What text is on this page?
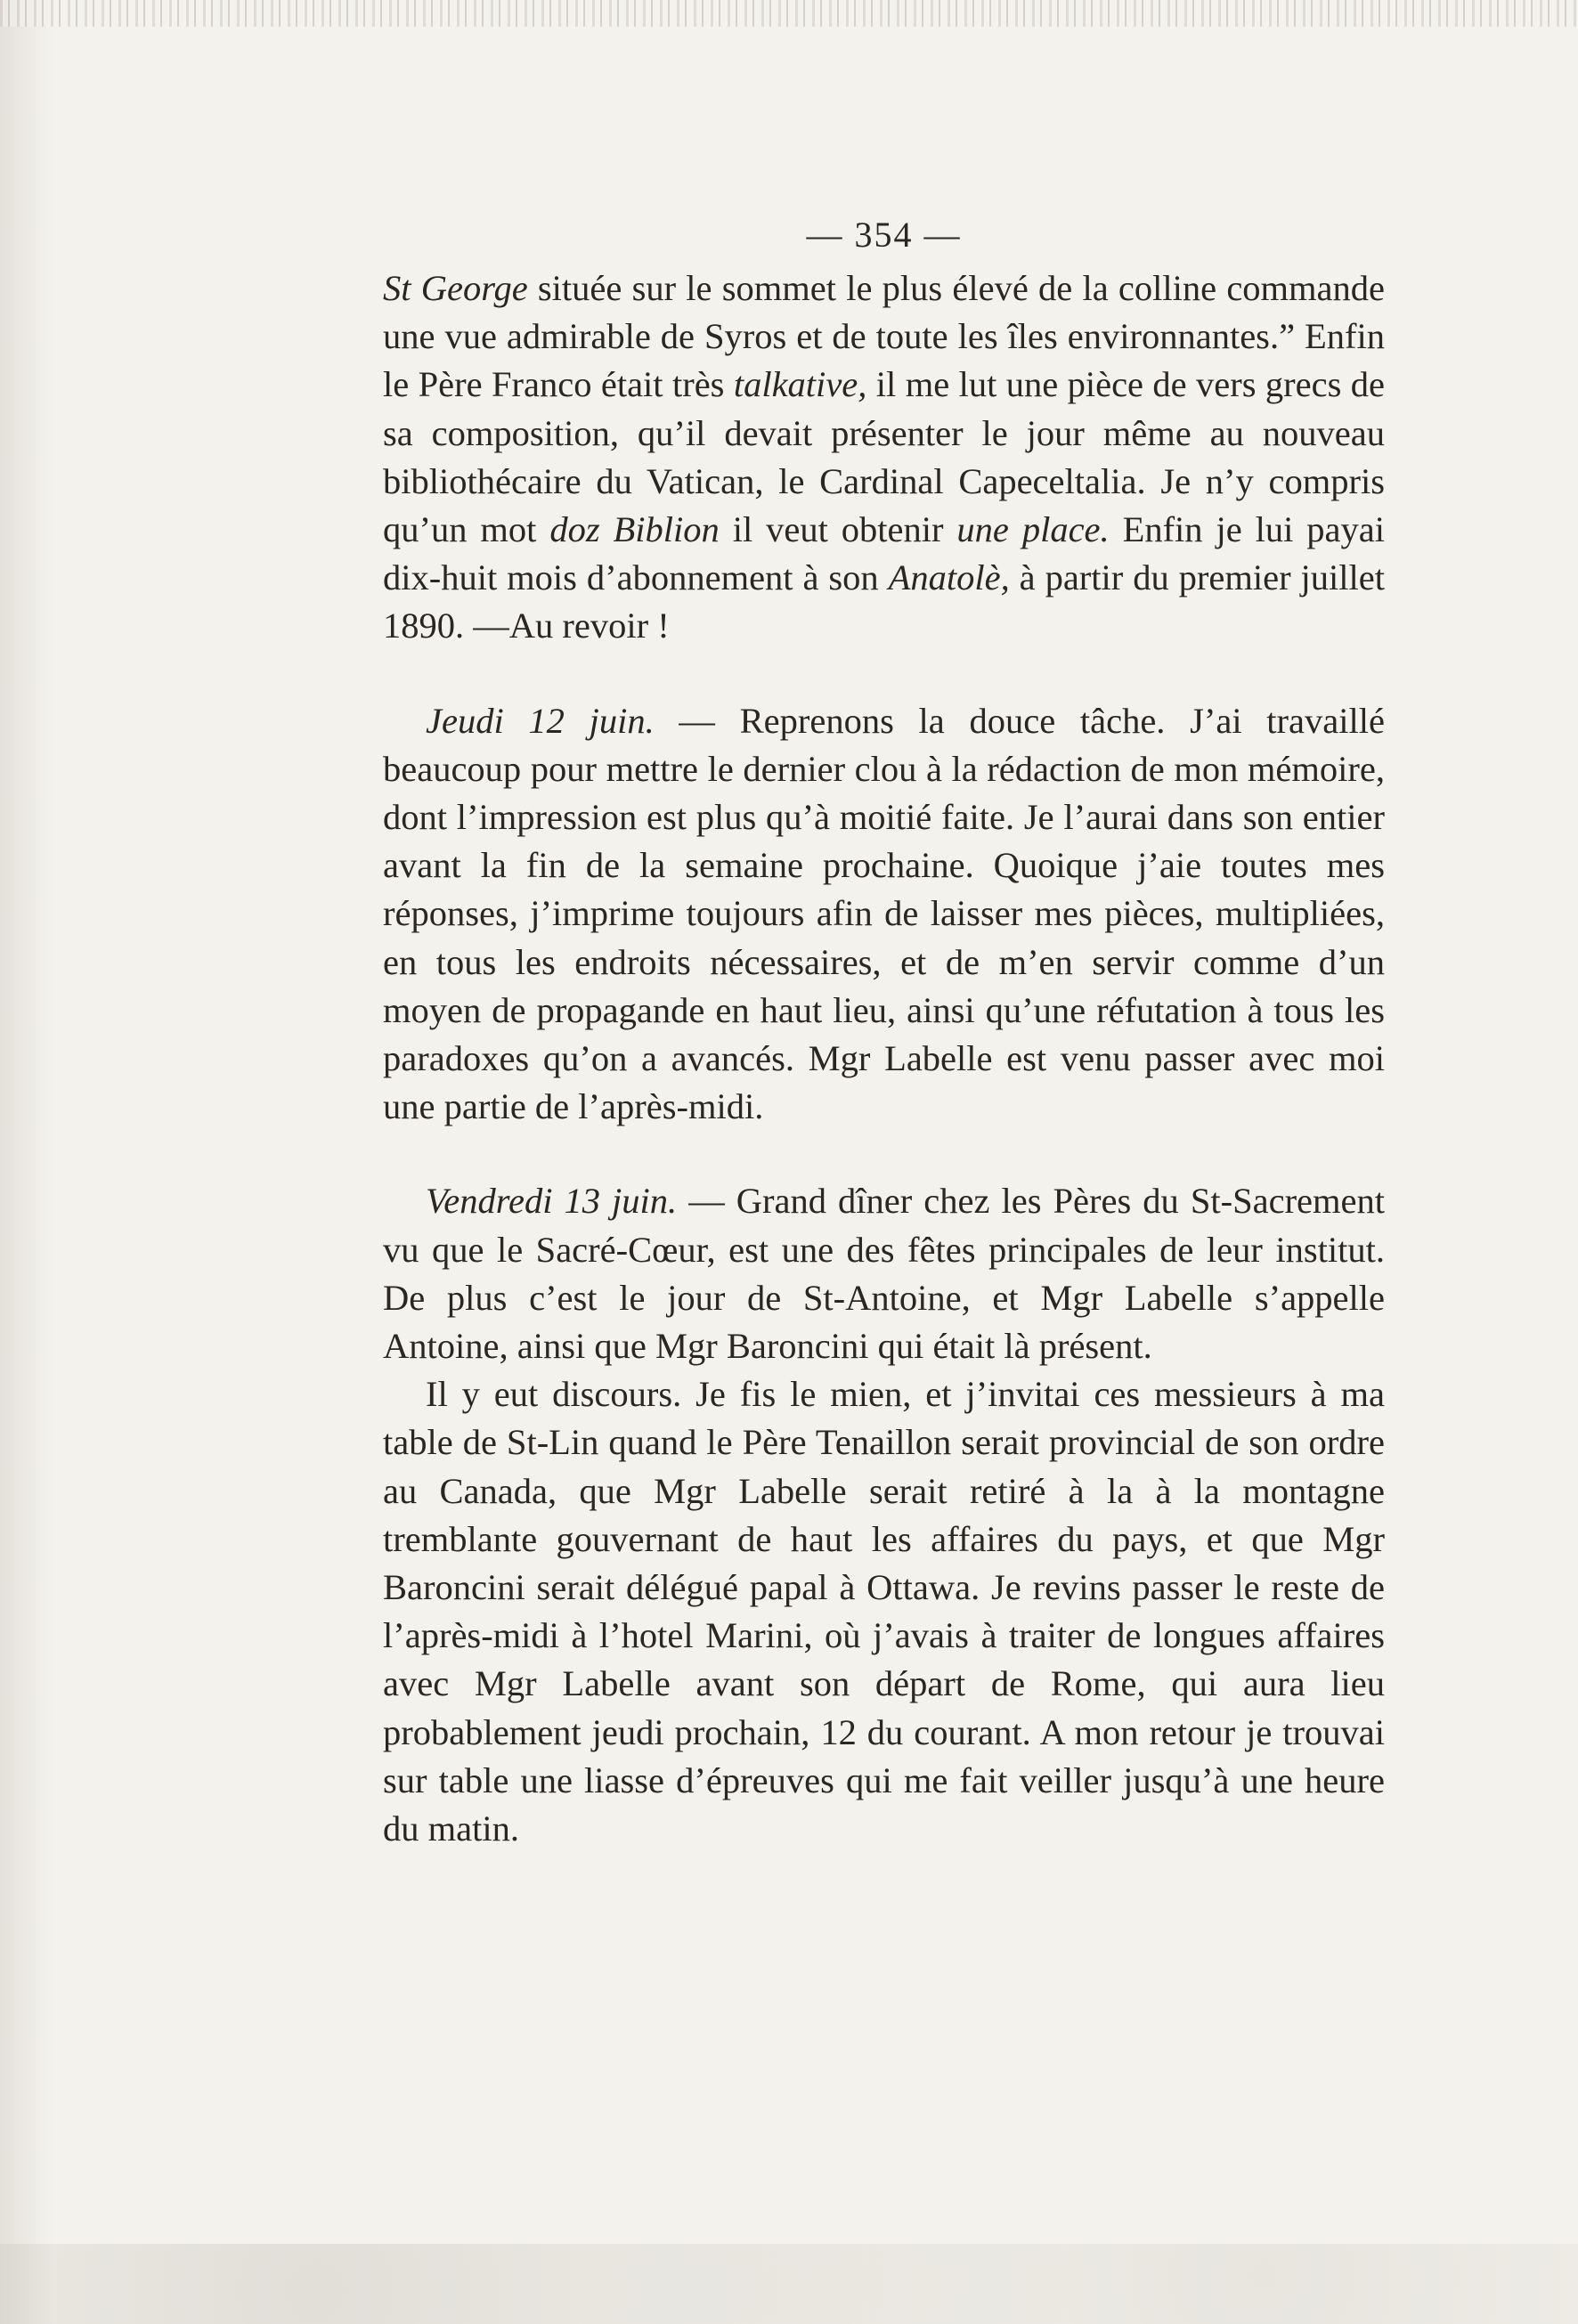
— 354 —

St George située sur le sommet le plus élevé de la colline commande une vue admirable de Syros et de toute les îles environnantes.” Enfin le Père Franco était très talkative, il me lut une pièce de vers grecs de sa composition, qu’il devait présenter le jour même au nouveau bibliothécaire du Vatican, le Cardinal Capeceltalia. Je n’y compris qu’un mot doz Biblion il veut obtenir une place. Enfin je lui payai dix-huit mois d’abonnement à son Anatolè, à partir du premier juillet 1890. —Au revoir !

Jeudi 12 juin. — Reprenons la douce tâche. J’ai travaillé beaucoup pour mettre le dernier clou à la rédaction de mon mémoire, dont l’impression est plus qu’à moitié faite. Je l’aurai dans son entier avant la fin de la semaine prochaine. Quoique j’aie toutes mes réponses, j’imprime toujours afin de laisser mes pièces, multipliées, en tous les endroits nécessaires, et de m’en servir comme d’un moyen de propagande en haut lieu, ainsi qu’une réfutation à tous les paradoxes qu’on a avancés. Mgr Labelle est venu passer avec moi une partie de l’après-midi.

Vendredi 13 juin. — Grand dîner chez les Pères du St-Sacrement vu que le Sacré-Cœur, est une des fêtes principales de leur institut. De plus c’est le jour de St-Antoine, et Mgr Labelle s’appelle Antoine, ainsi que Mgr Baroncini qui était là présent.

Il y eut discours. Je fis le mien, et j’invitai ces messieurs à ma table de St-Lin quand le Père Tenaillon serait provincial de son ordre au Canada, que Mgr Labelle serait retiré à la à la montagne tremblante gouvernant de haut les affaires du pays, et que Mgr Baroncini serait délégué papal à Ottawa. Je revins passer le reste de l’après-midi à l’hotel Marini, où j’avais à traiter de longues affaires avec Mgr Labelle avant son départ de Rome, qui aura lieu probablement jeudi prochain, 12 du courant. A mon retour je trouvai sur table une liasse d’épreuves qui me fait veiller jusqu’à une heure du matin.
